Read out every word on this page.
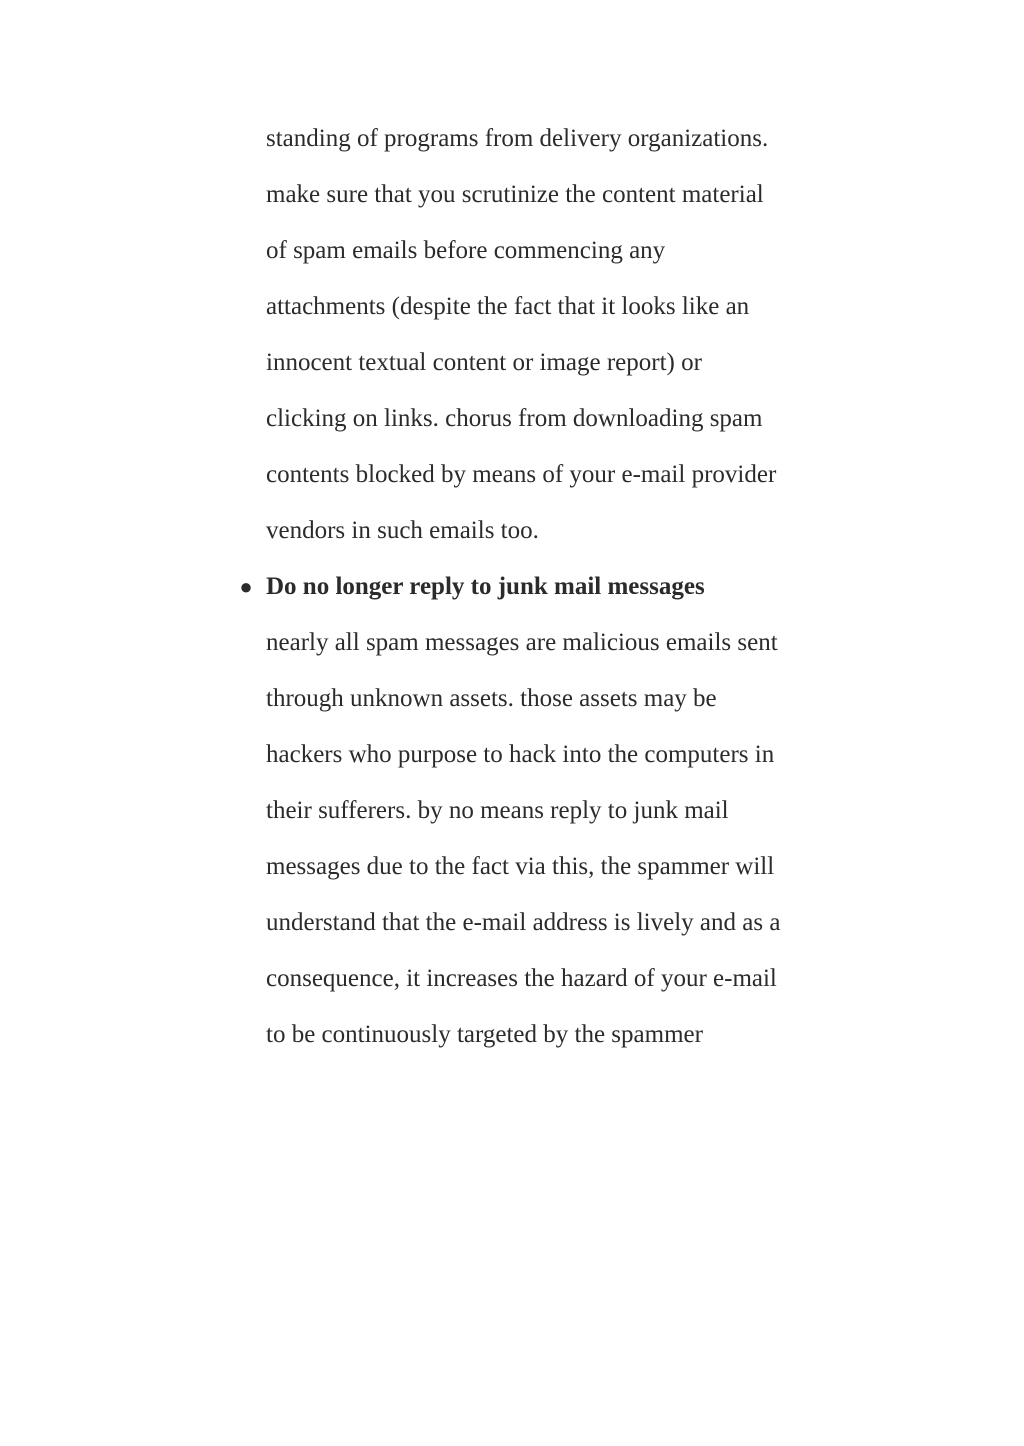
standing of programs from delivery organizations.
make sure that you scrutinize the content material
of spam emails before commencing any
attachments (despite the fact that it looks like an
innocent textual content or image report) or
clicking on links. chorus from downloading spam
contents blocked by means of your e-mail provider
vendors in such emails too.
● Do no longer reply to junk mail messages
nearly all spam messages are malicious emails sent
through unknown assets. those assets may be
hackers who purpose to hack into the computers in
their sufferers. by no means reply to junk mail
messages due to the fact via this, the spammer will
understand that the e-mail address is lively and as a
consequence, it increases the hazard of your e-mail
to be continuously targeted by the spammer
